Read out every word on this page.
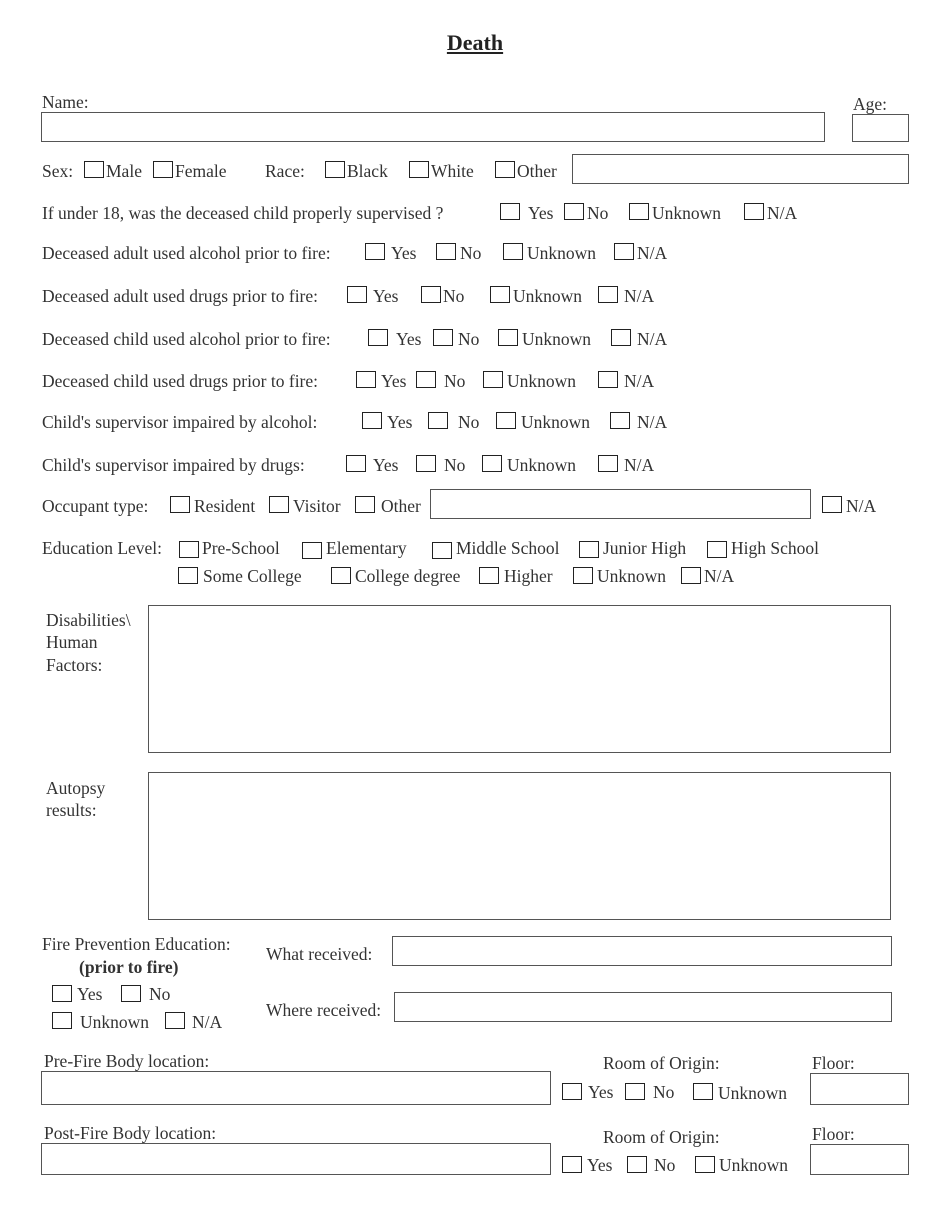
Death
Name:	Age:
Sex: Male Female Race: Black White Other
If under 18, was the deceased child properly supervised ?	Yes No Unknown	N/A
Deceased adult used alcohol prior to fire:	Yes No	Unknown N/A
Deceased adult used drugs prior to fire:	Yes	No	Unknown N/A
Deceased child used alcohol prior to fire:	Yes No Unknown	N/A
Deceased child used drugs prior to fire:	Yes No Unknown	N/A
Child's supervisor impaired by alcohol:	Yes	No Unknown	N/A
Child's supervisor impaired by drugs:	Yes	No Unknown	N/A
Occupant type:	Resident Visitor Other	N/A
Education Level: Pre-School	Elementary	Middle School Junior High	High School
Some College	College degree Higher	Unknown N/A
Disabilities\
Human
Factors:
Autopsy
results:
Fire Prevention Education:
(prior to fire)
Yes	No
Unknown N/A
What received:
Where received:
Pre-Fire Body location:	Room of Origin:
Yes No Unknown
Floor:
Post-Fire Body location:	Room of Origin:
Yes No Unknown
Floor:
